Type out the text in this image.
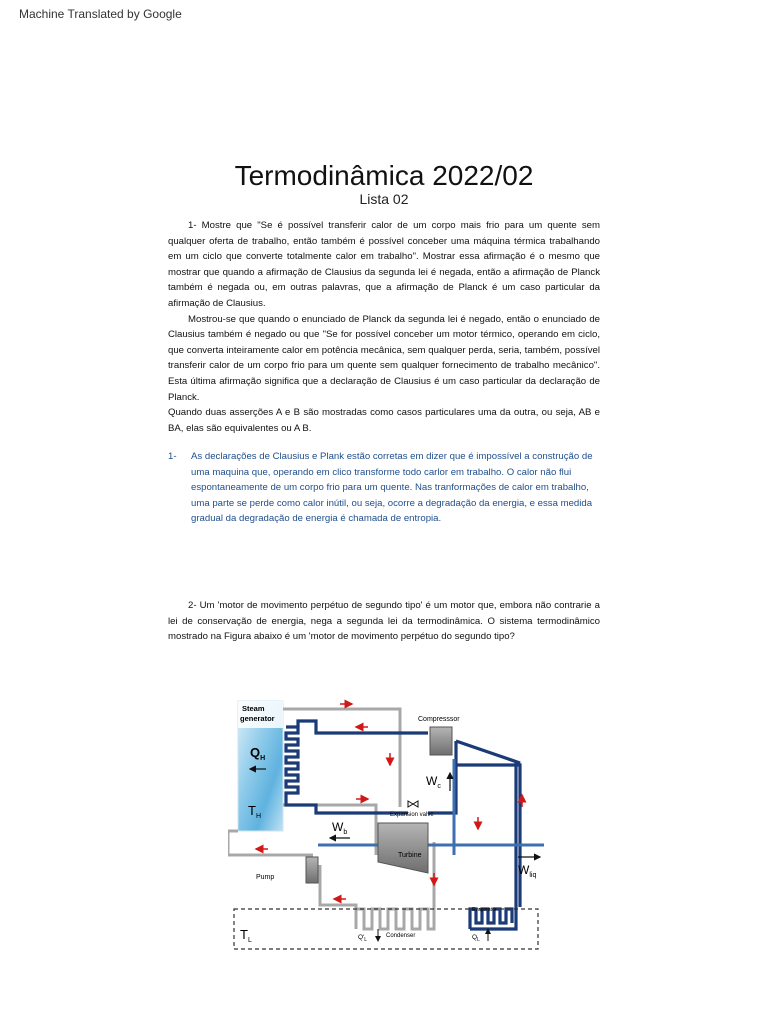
Machine Translated by Google
Termodinâmica 2022/02
Lista 02

1- Mostre que "Se é possível transferir calor de um corpo mais frio para um quente sem qualquer oferta de trabalho, então também é possível conceber uma máquina térmica trabalhando em um ciclo que converte totalmente calor em trabalho". Mostrar essa afirmação é o mesmo que mostrar que quando a afirmação de Clausius da segunda lei é negada, então a afirmação de Planck também é negada ou, em outras palavras, que a afirmação de Planck é um caso particular da afirmação de Clausius.

Mostrou-se que quando o enunciado de Planck da segunda lei é negado, então o enunciado de Clausius também é negado ou que "Se for possível conceber um motor térmico, operando em ciclo, que converta inteiramente calor em potência mecânica, sem qualquer perda, seria, também, possível transferir calor de um corpo frio para um quente sem qualquer fornecimento de trabalho mecânico". Esta última afirmação significa que a declaração de Clausius é um caso particular da declaração de Planck.

Quando duas asserções A e B são mostradas como casos particulares uma da outra, ou seja, AB e BA, elas são equivalentes ou A B.

1- As declarações de Clausius e Plank estão corretas em dizer que é impossível a construção de uma maquina que, operando em clico transforme todo carlor em trabalho. O calor não flui espontaneamente de um corpo frio para um quente. Nas tranformações de calor em trabalho, uma parte se perde como calor inútil, ou seja, ocorre a degradação da energia, e essa medida gradual da degradação de energia é chamada de entropia.

2- Um 'motor de movimento perpétuo de segundo tipo' é um motor que, embora não contrarie a lei de conservação de energia, nega a segunda lei da termodinâmica. O sistema termodinâmico mostrado na Figura abaixo é um 'motor de movimento perpétuo do segundo tipo?

Steam
generator	Compresssor
$W_c$
Expansion valve
Turbine
$W_b$
$W_{liq}$
$Q_H$
$T_H$
Pump
$T_L$	$Q'_L$
Condenser
Evaporator
$Q_L$
